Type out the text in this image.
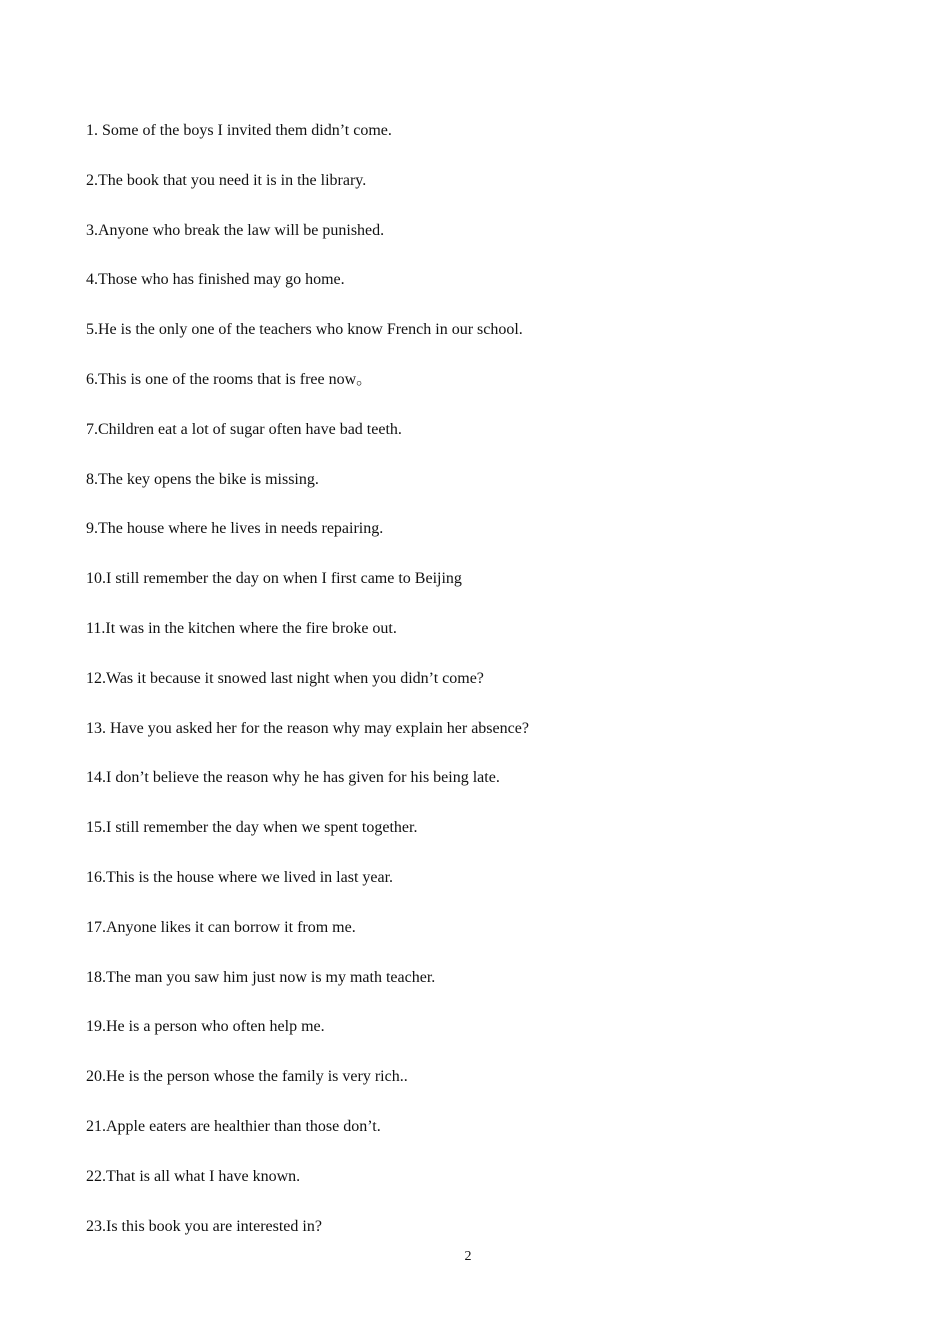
1. Some of the boys I invited them didn’t come.
2.The book that you need it is in the library.
3.Anyone who break the law will be punished.
4.Those who has finished may go home.
5.He is the only one of the teachers who know French in our school.
6.This is one of the rooms that is free now。
7.Children eat a lot of sugar often have bad teeth.
8.The key opens the bike is missing.
9.The house where he lives in needs repairing.
10.I still remember the day on when I first came to Beijing
11.It was in the kitchen where the fire broke out.
12.Was it because it snowed last night when you didn’t come?
13. Have you asked her for the reason why may explain her absence?
14.I don’t believe the reason why he has given for his being late.
15.I still remember the day when we spent together.
16.This is the house where we lived in last year.
17.Anyone likes it can borrow it from me.
18.The man you saw him just now is my math teacher.
19.He is a person who often help me.
20.He is the person whose the family is very rich..
21.Apple eaters are healthier than those don’t.
22.That is all what I have known.
23.Is this book you are interested in?
2
